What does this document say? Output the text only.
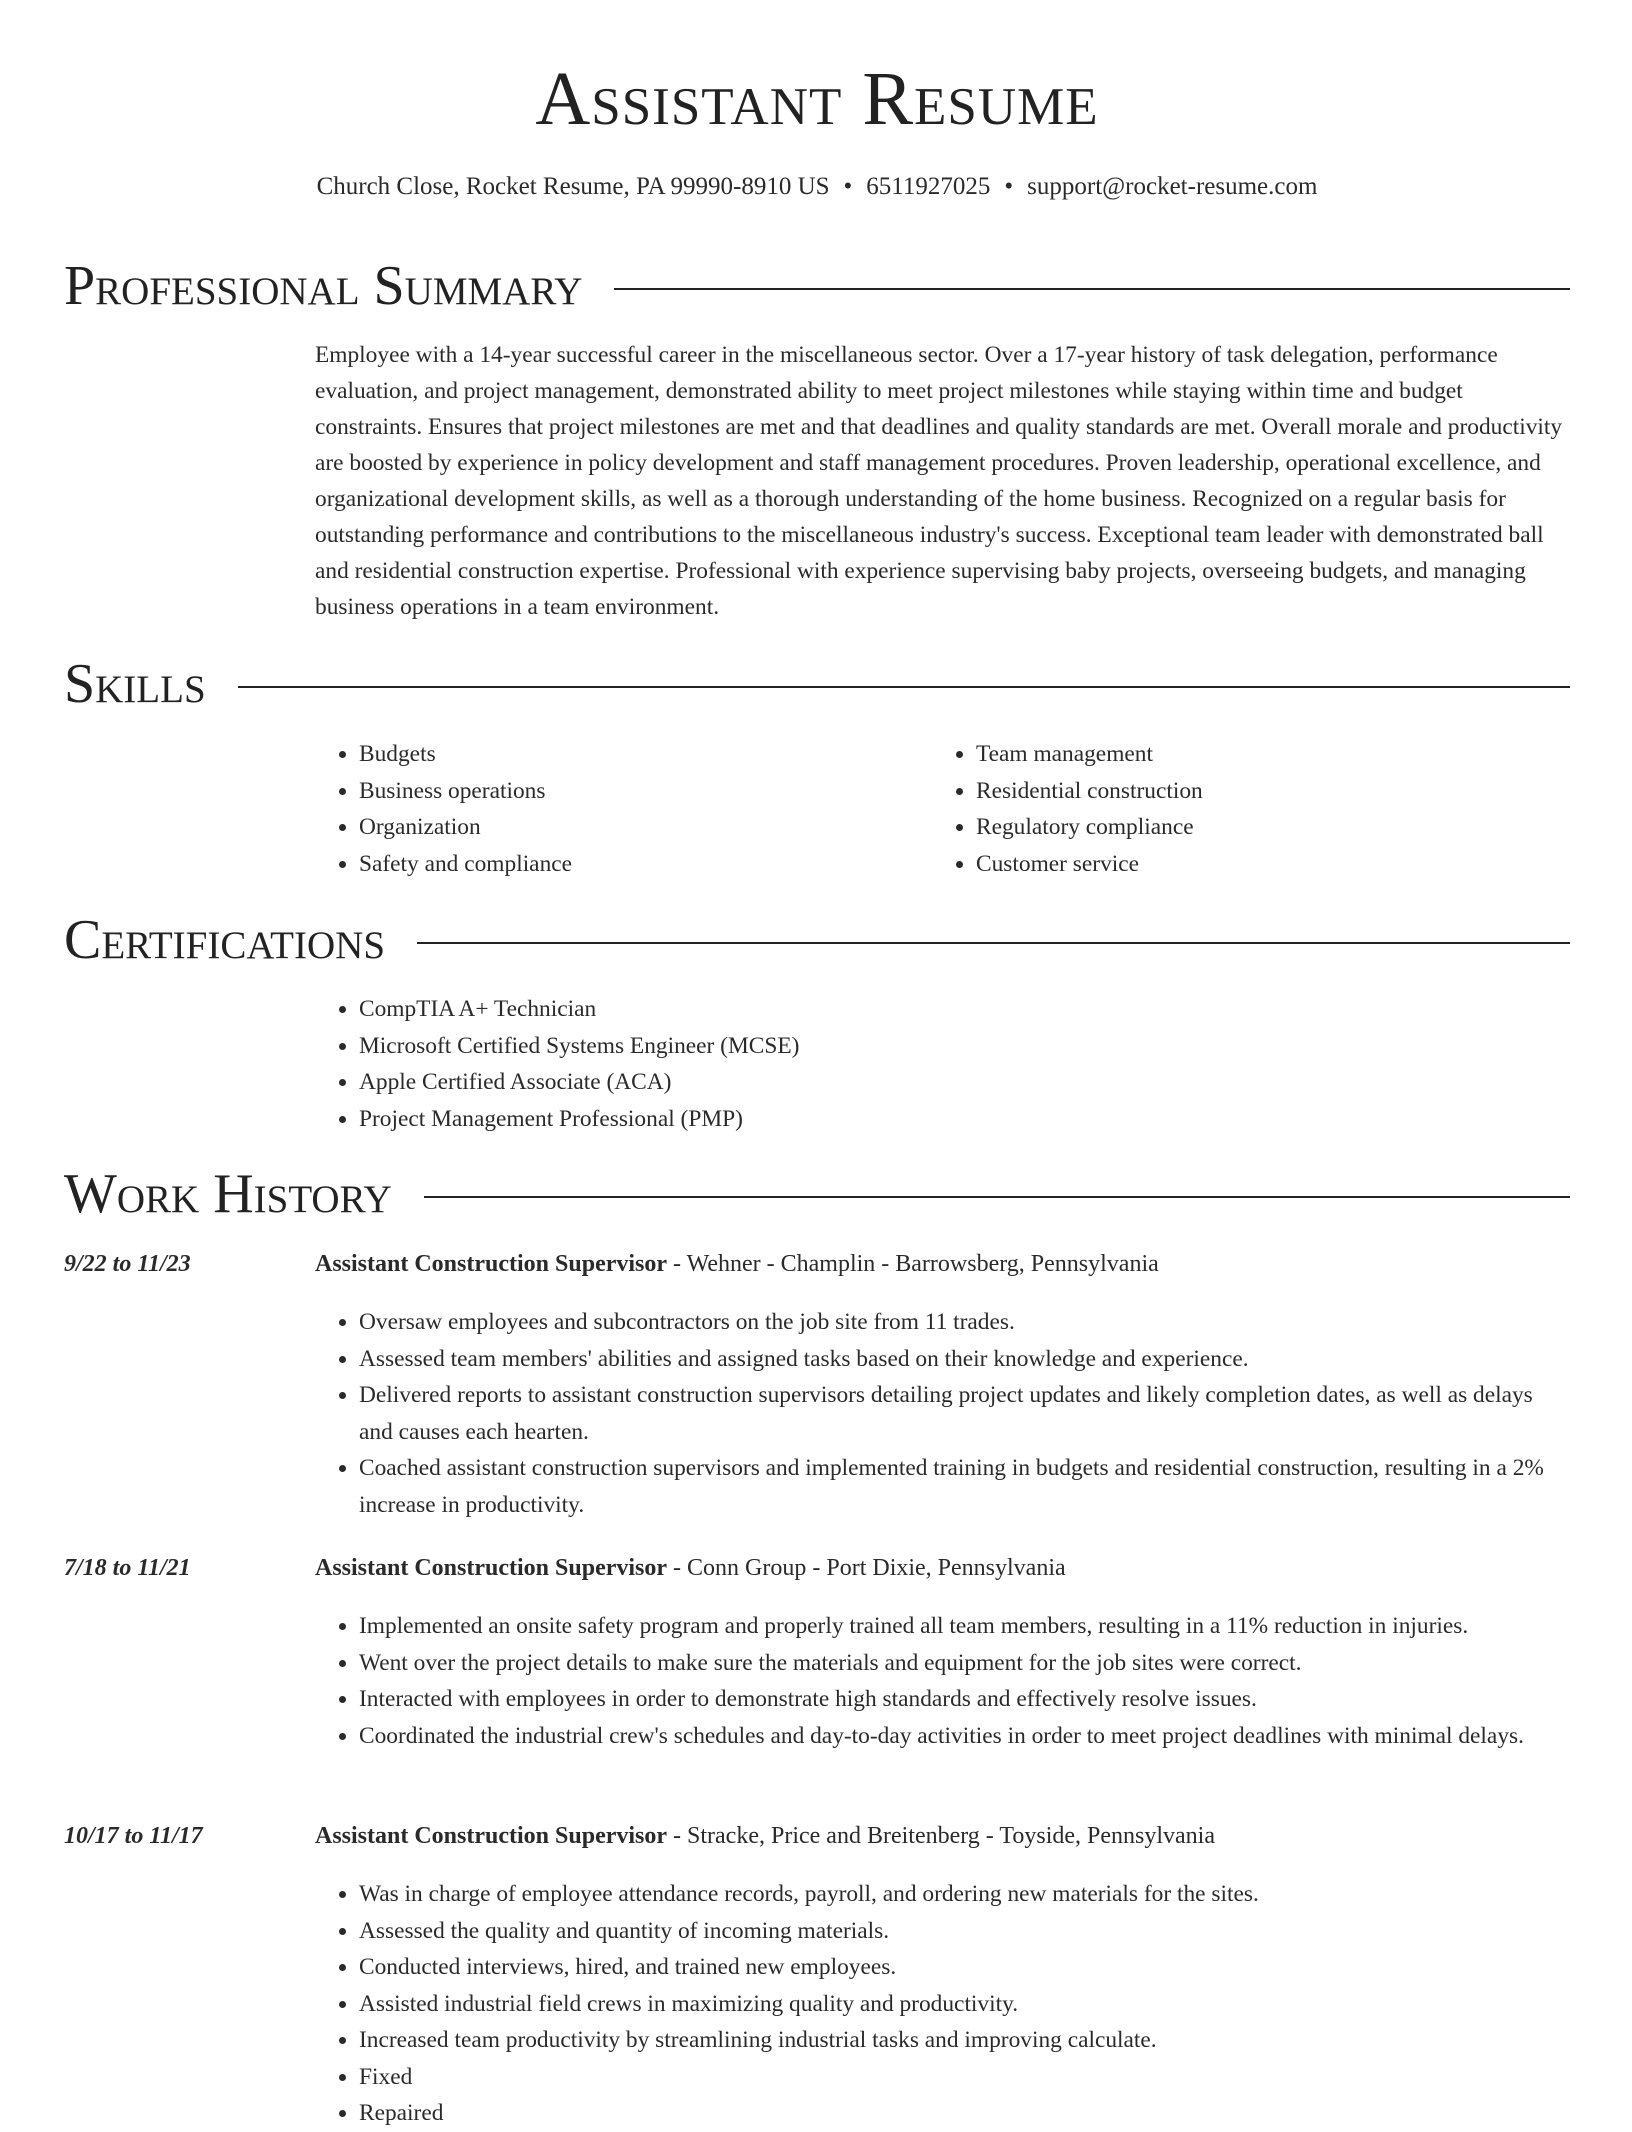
Assistant Resume
Church Close, Rocket Resume, PA 99990-8910 US • 6511927025 • support@rocket-resume.com
Professional Summary

Employee with a 14-year successful career in the miscellaneous sector. Over a 17-year history of task delegation, performance evaluation, and project management, demonstrated ability to meet project milestones while staying within time and budget constraints. Ensures that project milestones are met and that deadlines and quality standards are met. Overall morale and productivity are boosted by experience in policy development and staff management procedures. Proven leadership, operational excellence, and organizational development skills, as well as a thorough understanding of the home business. Recognized on a regular basis for outstanding performance and contributions to the miscellaneous industry's success. Exceptional team leader with demonstrated ball and residential construction expertise. Professional with experience supervising baby projects, overseeing budgets, and managing business operations in a team environment.

Skills
• Budgets
• Business operations
• Organization
• Safety and compliance
• Team management
• Residential construction
• Regulatory compliance
• Customer service
Certifications
• CompTIA A+ Technician
• Microsoft Certified Systems Engineer (MCSE)
• Apple Certified Associate (ACA)
• Project Management Professional (PMP)
Work History
9/22 to 11/23	Assistant Construction Supervisor - Wehner - Champlin - Barrowsberg, Pennsylvania
• Oversaw employees and subcontractors on the job site from 11 trades.
• Assessed team members' abilities and assigned tasks based on their knowledge and experience.
• Delivered reports to assistant construction supervisors detailing project updates and likely completion dates, as well as delays and causes each hearten.
• Coached assistant construction supervisors and implemented training in budgets and residential construction, resulting in a 2% increase in productivity.
7/18 to 11/21	Assistant Construction Supervisor - Conn Group - Port Dixie, Pennsylvania
• Implemented an onsite safety program and properly trained all team members, resulting in a 11% reduction in injuries.
• Went over the project details to make sure the materials and equipment for the job sites were correct.
• Interacted with employees in order to demonstrate high standards and effectively resolve issues.
• Coordinated the industrial crew's schedules and day-to-day activities in order to meet project deadlines with minimal delays.
10/17 to 11/17	Assistant Construction Supervisor - Stracke, Price and Breitenberg - Toyside, Pennsylvania
• Was in charge of employee attendance records, payroll, and ordering new materials for the sites.
• Assessed the quality and quantity of incoming materials.
• Conducted interviews, hired, and trained new employees.
• Assisted industrial field crews in maximizing quality and productivity.
• Increased team productivity by streamlining industrial tasks and improving calculate.
• Fixed
• Repaired
